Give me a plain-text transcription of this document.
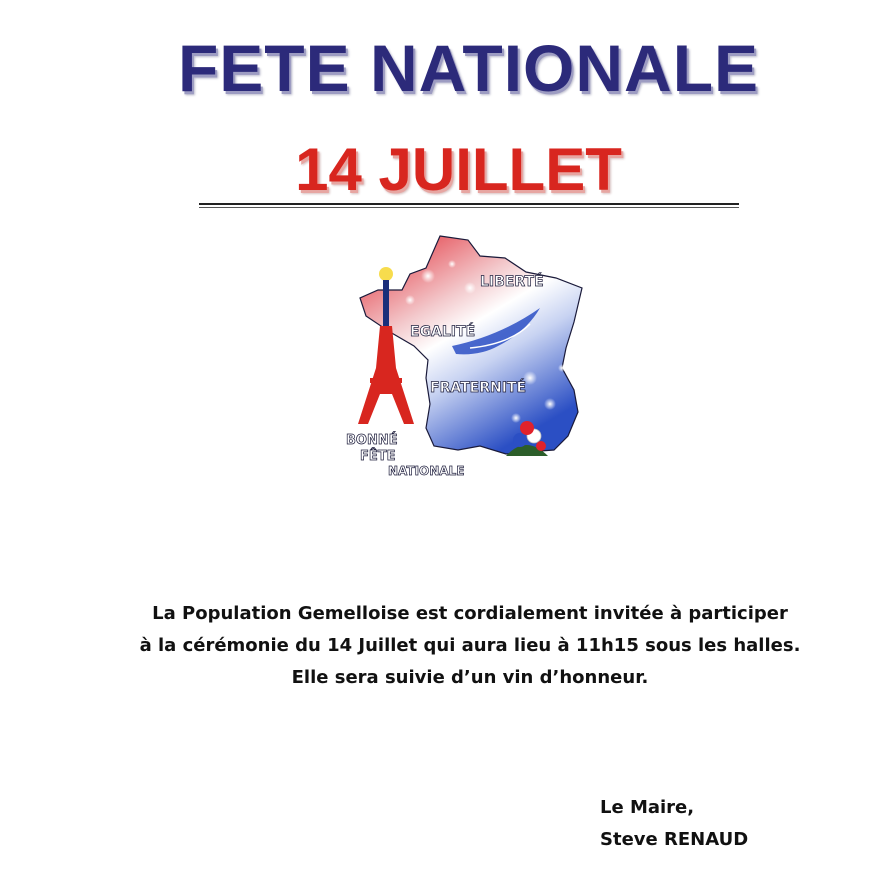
FETE NATIONALE
14 JUILLET
LIBERTÉ
EGALITÉ
FRATERNITÉ
BONNÉ
FÊTE
NATIONALE
La Population Gemelloise est cordialement invitée à participer
à la cérémonie du 14 Juillet qui aura lieu à 11h15 sous les halles.
Elle sera suivie d’un vin d’honneur.
Le Maire,
Steve RENAUD
